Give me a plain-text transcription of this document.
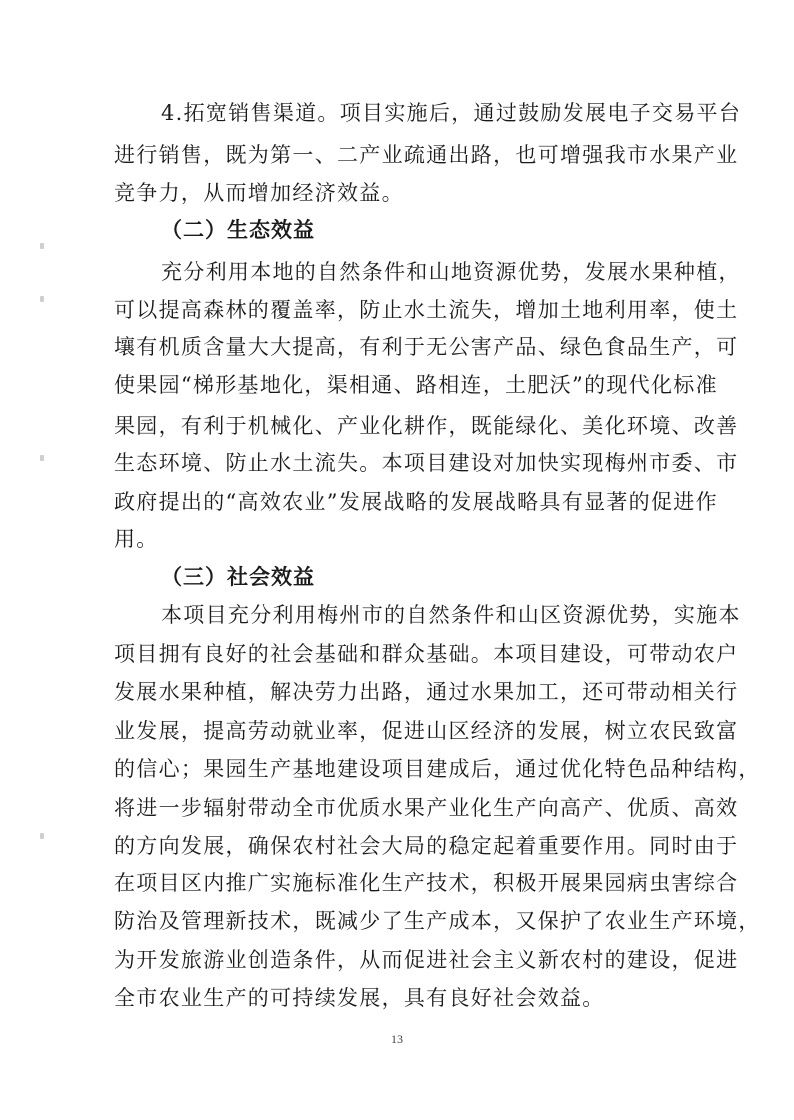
4.拓宽销售渠道。项目实施后，通过鼓励发展电子交易平台
进行销售，既为第一、二产业疏通出路，也可增强我市水果产业
竞争力，从而增加经济效益。
（二）生态效益
充分利用本地的自然条件和山地资源优势，发展水果种植，
可以提高森林的覆盖率，防止水土流失，增加土地利用率，使土
壤有机质含量大大提高，有利于无公害产品、绿色食品生产，可
使果园“梯形基地化，渠相通、路相连，土肥沃”的现代化标准
果园，有利于机械化、产业化耕作，既能绿化、美化环境、改善
生态环境、防止水土流失。本项目建设对加快实现梅州市委、市
政府提出的“高效农业”发展战略的发展战略具有显著的促进作
用。
（三）社会效益
本项目充分利用梅州市的自然条件和山区资源优势，实施本
项目拥有良好的社会基础和群众基础。本项目建设，可带动农户
发展水果种植，解决劳力出路，通过水果加工，还可带动相关行
业发展，提高劳动就业率，促进山区经济的发展，树立农民致富
的信心；果园生产基地建设项目建成后，通过优化特色品种结构，
将进一步辐射带动全市优质水果产业化生产向高产、优质、高效
的方向发展，确保农村社会大局的稳定起着重要作用。同时由于
在项目区内推广实施标准化生产技术，积极开展果园病虫害综合
防治及管理新技术，既减少了生产成本，又保护了农业生产环境，
为开发旅游业创造条件，从而促进社会主义新农村的建设，促进
全市农业生产的可持续发展，具有良好社会效益。
13
